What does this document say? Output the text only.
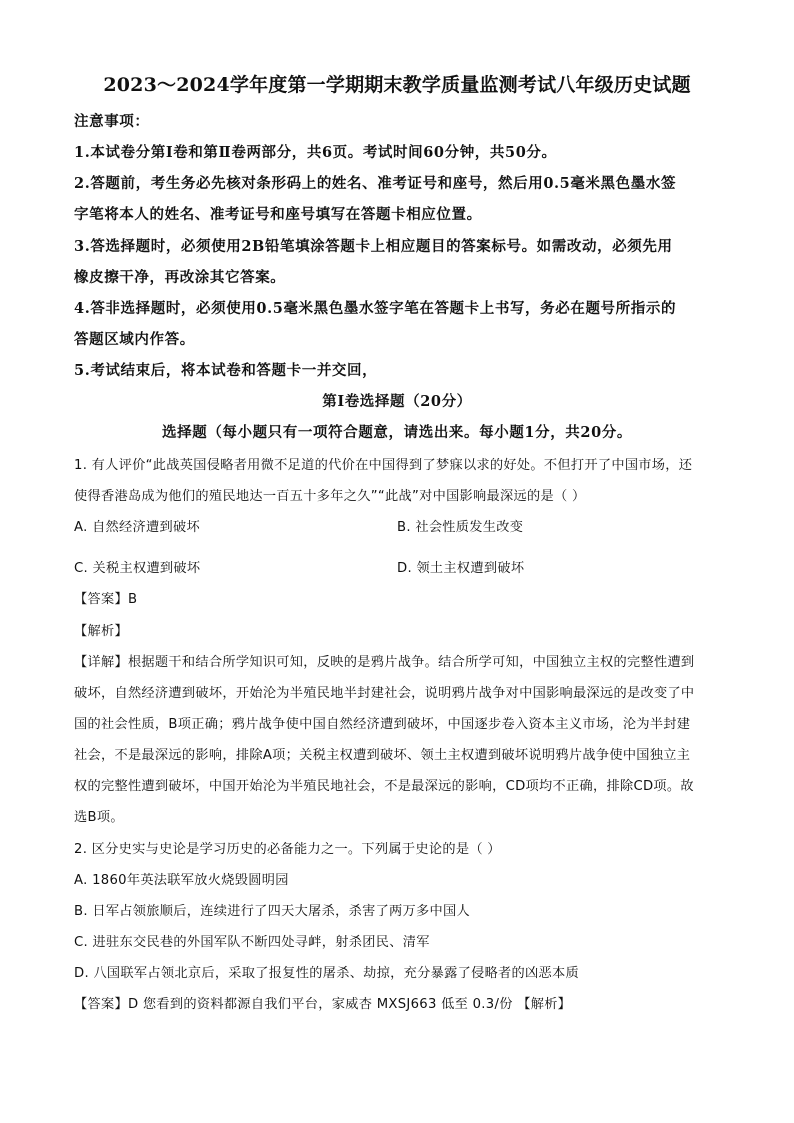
2023～2024学年度第一学期期末教学质量监测考试八年级历史试题
注意事项：
1.本试卷分第Ⅰ卷和第Ⅱ卷两部分，共6页。考试时间60分钟，共50分。
2.答题前，考生务必先核对条形码上的姓名、准考证号和座号，然后用0.5毫米黑色墨水签
字笔将本人的姓名、准考证号和座号填写在答题卡相应位置。
3.答选择题时，必须使用2B铅笔填涂答题卡上相应题目的答案标号。如需改动，必须先用
橡皮擦干净，再改涂其它答案。
4.答非选择题时，必须使用0.5毫米黑色墨水签字笔在答题卡上书写，务必在题号所指示的
答题区域内作答。
5.考试结束后，将本试卷和答题卡一并交回，
第Ⅰ卷选择题（20分）
选择题（每小题只有一项符合题意，请选出来。每小题1分，共20分。
1. 有人评价“此战英国侵略者用微不足道的代价在中国得到了梦寐以求的好处。不但打开了中国市场，还
使得香港岛成为他们的殖民地达一百五十多年之久”“此战”对中国影响最深远的是（ ）
A. 自然经济遭到破坏	B. 社会性质发生改变
C. 关税主权遭到破坏	D. 领土主权遭到破坏
【答案】B
【解析】
【详解】根据题干和结合所学知识可知，反映的是鸦片战争。结合所学可知，中国独立主权的完整性遭到
破坏，自然经济遭到破坏，开始沦为半殖民地半封建社会，说明鸦片战争对中国影响最深远的是改变了中
国的社会性质，B项正确；鸦片战争使中国自然经济遭到破坏，中国逐步卷入资本主义市场，沦为半封建
社会，不是最深远的影响，排除A项；关税主权遭到破坏、领土主权遭到破坏说明鸦片战争使中国独立主
权的完整性遭到破坏，中国开始沦为半殖民地社会，不是最深远的影响，CD项均不正确，排除CD项。故
选B项。
2. 区分史实与史论是学习历史的必备能力之一。下列属于史论的是（ ）
A. 1860年英法联军放火烧毁圆明园
B. 日军占领旅顺后，连续进行了四天大屠杀，杀害了两万多中国人
C. 进驻东交民巷的外国军队不断四处寻衅，射杀团民、清军
D. 八国联军占领北京后，采取了报复性的屠杀、劫掠，充分暴露了侵略者的凶恶本质
【答案】D 您看到的资料都源自我们平台，家威杏 MXSJ663 低至 0.3/份 【解析】
